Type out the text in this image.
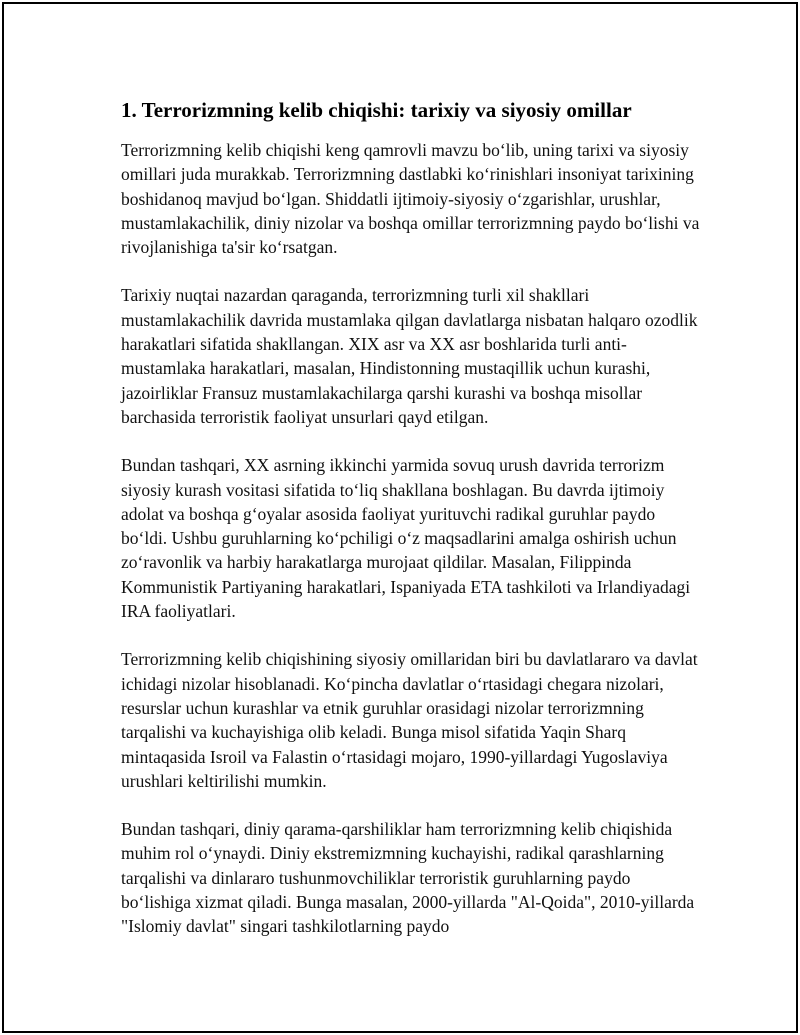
1. Terrorizmning kelib chiqishi: tarixiy va siyosiy omillar

Terrorizmning kelib chiqishi keng qamrovli mavzu bo‘lib, uning tarixi va siyosiy omillari juda murakkab. Terrorizmning dastlabki ko‘rinishlari insoniyat tarixining boshidanoq mavjud bo‘lgan. Shiddatli ijtimoiy-siyosiy o‘zgarishlar, urushlar, mustamlakachilik, diniy nizolar va boshqa omillar terrorizmning paydo bo‘lishi va rivojlanishiga ta'sir ko‘rsatgan.

Tarixiy nuqtai nazardan qaraganda, terrorizmning turli xil shakllari mustamlakachilik davrida mustamlaka qilgan davlatlarga nisbatan halqaro ozodlik harakatlari sifatida shakllangan. XIX asr va XX asr boshlarida turli anti-mustamlaka harakatlari, masalan, Hindistonning mustaqillik uchun kurashi, jazoirliklar Fransuz mustamlakachilarga qarshi kurashi va boshqa misollar barchasida terroristik faoliyat unsurlari qayd etilgan.

Bundan tashqari, XX asrning ikkinchi yarmida sovuq urush davrida terrorizm siyosiy kurash vositasi sifatida to‘liq shakllana boshlagan. Bu davrda ijtimoiy adolat va boshqa g‘oyalar asosida faoliyat yurituvchi radikal guruhlar paydo bo‘ldi. Ushbu guruhlarning ko‘pchiligi o‘z maqsadlarini amalga oshirish uchun zo‘ravonlik va harbiy harakatlarga murojaat qildilar. Masalan, Filippinda Kommunistik Partiyaning harakatlari, Ispaniyada ETA tashkiloti va Irlandiyadagi IRA faoliyatlari.

Terrorizmning kelib chiqishining siyosiy omillaridan biri bu davlatlararo va davlat ichidagi nizolar hisoblanadi. Ko‘pincha davlatlar o‘rtasidagi chegara nizolari, resurslar uchun kurashlar va etnik guruhlar orasidagi nizolar terrorizmning tarqalishi va kuchayishiga olib keladi. Bunga misol sifatida Yaqin Sharq mintaqasida Isroil va Falastin o‘rtasidagi mojaro, 1990-yillardagi Yugoslaviya urushlari keltirilishi mumkin.

Bundan tashqari, diniy qarama-qarshiliklar ham terrorizmning kelib chiqishida muhim rol o‘ynaydi. Diniy ekstremizmning kuchayishi, radikal qarashlarning tarqalishi va dinlararo tushunmovchiliklar terroristik guruhlarning paydo bo‘lishiga xizmat qiladi. Bunga masalan, 2000-yillarda "Al-Qoida", 2010-yillarda "Islomiy davlat" singari tashkilotlarning paydo
